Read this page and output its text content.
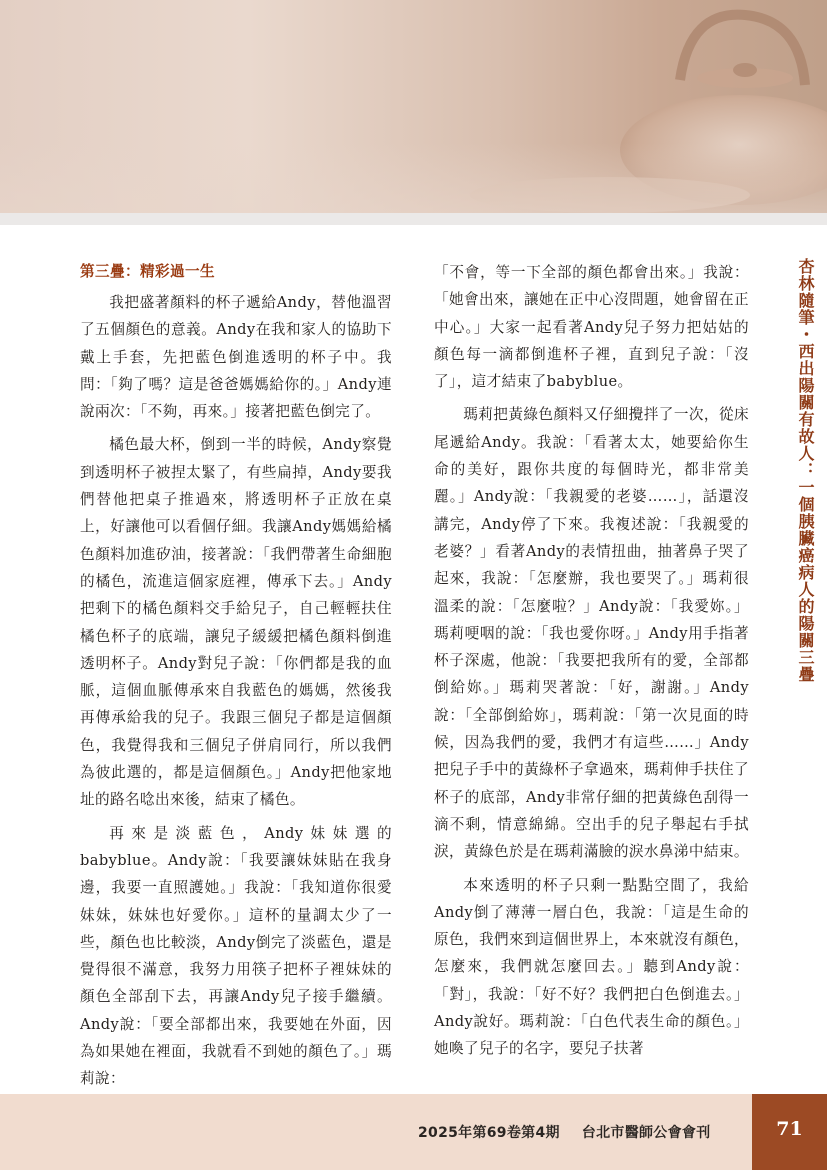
第三疊：精彩過一生

我把盛著顏料的杯子遞給Andy，替他溫習了五個顏色的意義。Andy在我和家人的協助下戴上手套，先把藍色倒進透明的杯子中。我問：「夠了嗎？這是爸爸媽媽給你的。」Andy連說兩次：「不夠，再來。」接著把藍色倒完了。

橘色最大杯，倒到一半的時候，Andy察覺到透明杯子被捏太緊了，有些扁掉，Andy要我們替他把桌子推過來，將透明杯子正放在桌上，好讓他可以看個仔細。我讓Andy媽媽給橘色顏料加進矽油，接著說：「我們帶著生命細胞的橘色，流進這個家庭裡，傳承下去。」Andy把剩下的橘色顏料交手給兒子，自己輕輕扶住橘色杯子的底端，讓兒子緩緩把橘色顏料倒進透明杯子。Andy對兒子說：「你們都是我的血脈，這個血脈傳承來自我藍色的媽媽，然後我再傳承給我的兒子。我跟三個兒子都是這個顏色，我覺得我和三個兒子併肩同行，所以我們為彼此選的，都是這個顏色。」Andy把他家地址的路名唸出來後，結束了橘色。

再來是淡藍色，Andy妹妹選的babyblue。Andy說：「我要讓妹妹貼在我身邊，我要一直照護她。」我說：「我知道你很愛妹妹，妹妹也好愛你。」這杯的量調太少了一些，顏色也比較淡，Andy倒完了淡藍色，還是覺得很不滿意，我努力用筷子把杯子裡妹妹的顏色全部刮下去，再讓Andy兒子接手繼續。Andy說：「要全部都出來，我要她在外面，因為如果她在裡面，我就看不到她的顏色了。」瑪莉說：

「不會，等一下全部的顏色都會出來。」我說：「她會出來，讓她在正中心沒問題，她會留在正中心。」大家一起看著Andy兒子努力把姑姑的顏色每一滴都倒進杯子裡，直到兒子說：「沒了」，這才結束了babyblue。

瑪莉把黃綠色顏料又仔細攪拌了一次，從床尾遞給Andy。我說：「看著太太，她要給你生命的美好，跟你共度的每個時光，都非常美麗。」Andy說：「我親愛的老婆……」，話還沒講完，Andy停了下來。我複述說：「我親愛的老婆？」看著Andy的表情扭曲，抽著鼻子哭了起來，我說：「怎麼辦，我也要哭了。」瑪莉很溫柔的說：「怎麼啦？」Andy說：「我愛妳。」瑪莉哽咽的說：「我也愛你呀。」Andy用手指著杯子深處，他說：「我要把我所有的愛，全部都倒給妳。」瑪莉哭著說：「好，謝謝。」Andy說：「全部倒給妳」，瑪莉說：「第一次見面的時候，因為我們的愛，我們才有這些……」Andy把兒子手中的黃綠杯子拿過來，瑪莉伸手扶住了杯子的底部，Andy非常仔細的把黃綠色刮得一滴不剩，情意綿綿。空出手的兒子舉起右手拭淚，黃綠色於是在瑪莉滿臉的淚水鼻涕中結束。

本來透明的杯子只剩一點點空間了，我給Andy倒了薄薄一層白色，我說：「這是生命的原色，我們來到這個世界上，本來就沒有顏色，怎麼來，我們就怎麼回去。」聽到Andy說：「對」，我說：「好不好？我們把白色倒進去。」Andy說好。瑪莉說：「白色代表生命的顏色。」她喚了兒子的名字，要兒子扶著

杏林隨筆・西出陽關有故人：一個胰臟癌病人的陽關三疊
2025年第69卷第4期 台北市醫師公會會刊	71
